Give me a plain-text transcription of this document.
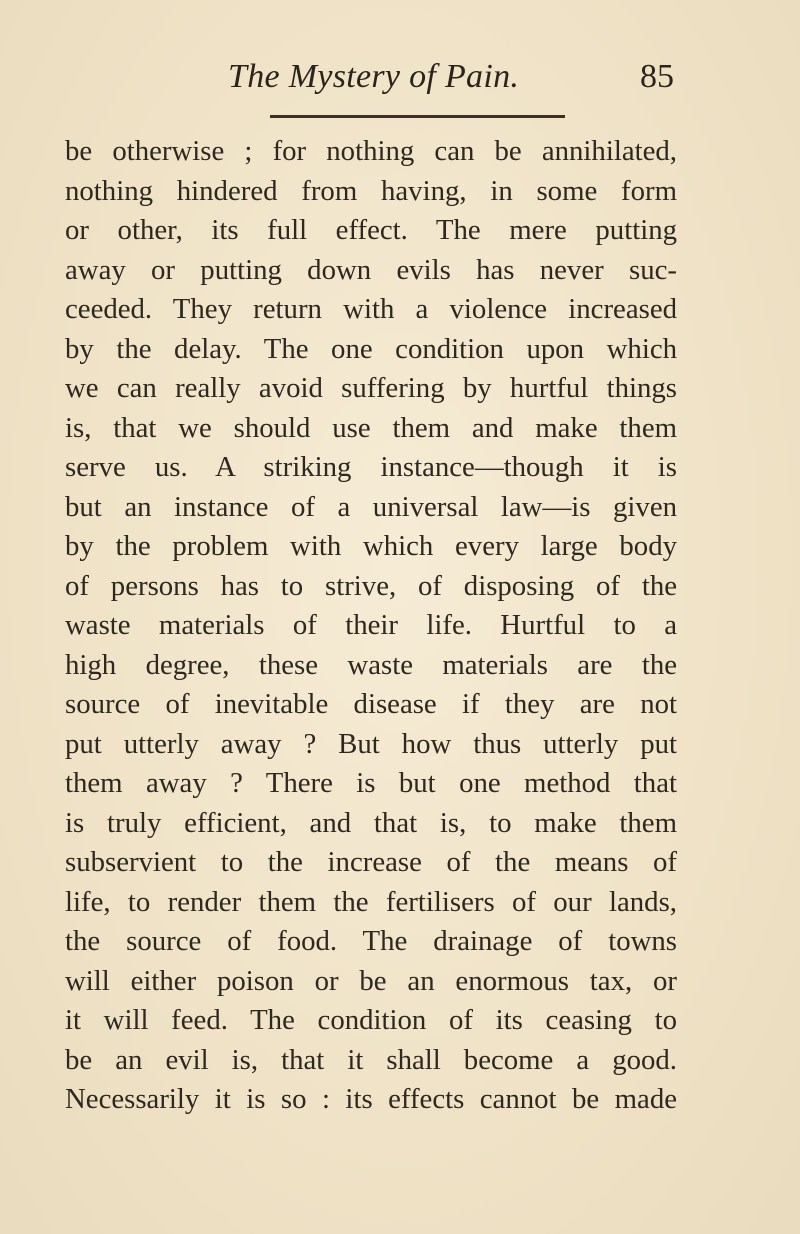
The Mystery of Pain.	85
be otherwise ; for nothing can be annihilated,
nothing hindered from having, in some form
or other, its full effect. The mere putting
away or putting down evils has never suc-
ceeded. They return with a violence increased
by the delay. The one condition upon which
we can really avoid suffering by hurtful things
is, that we should use them and make them
serve us. A striking instance—though it is
but an instance of a universal law—is given
by the problem with which every large body
of persons has to strive, of disposing of the
waste materials of their life. Hurtful to a
high degree, these waste materials are the
source of inevitable disease if they are not
put utterly away ? But how thus utterly put
them away ? There is but one method that
is truly efficient, and that is, to make them
subservient to the increase of the means of
life, to render them the fertilisers of our lands,
the source of food. The drainage of towns
will either poison or be an enormous tax, or
it will feed. The condition of its ceasing to
be an evil is, that it shall become a good.
Necessarily it is so : its effects cannot be made
